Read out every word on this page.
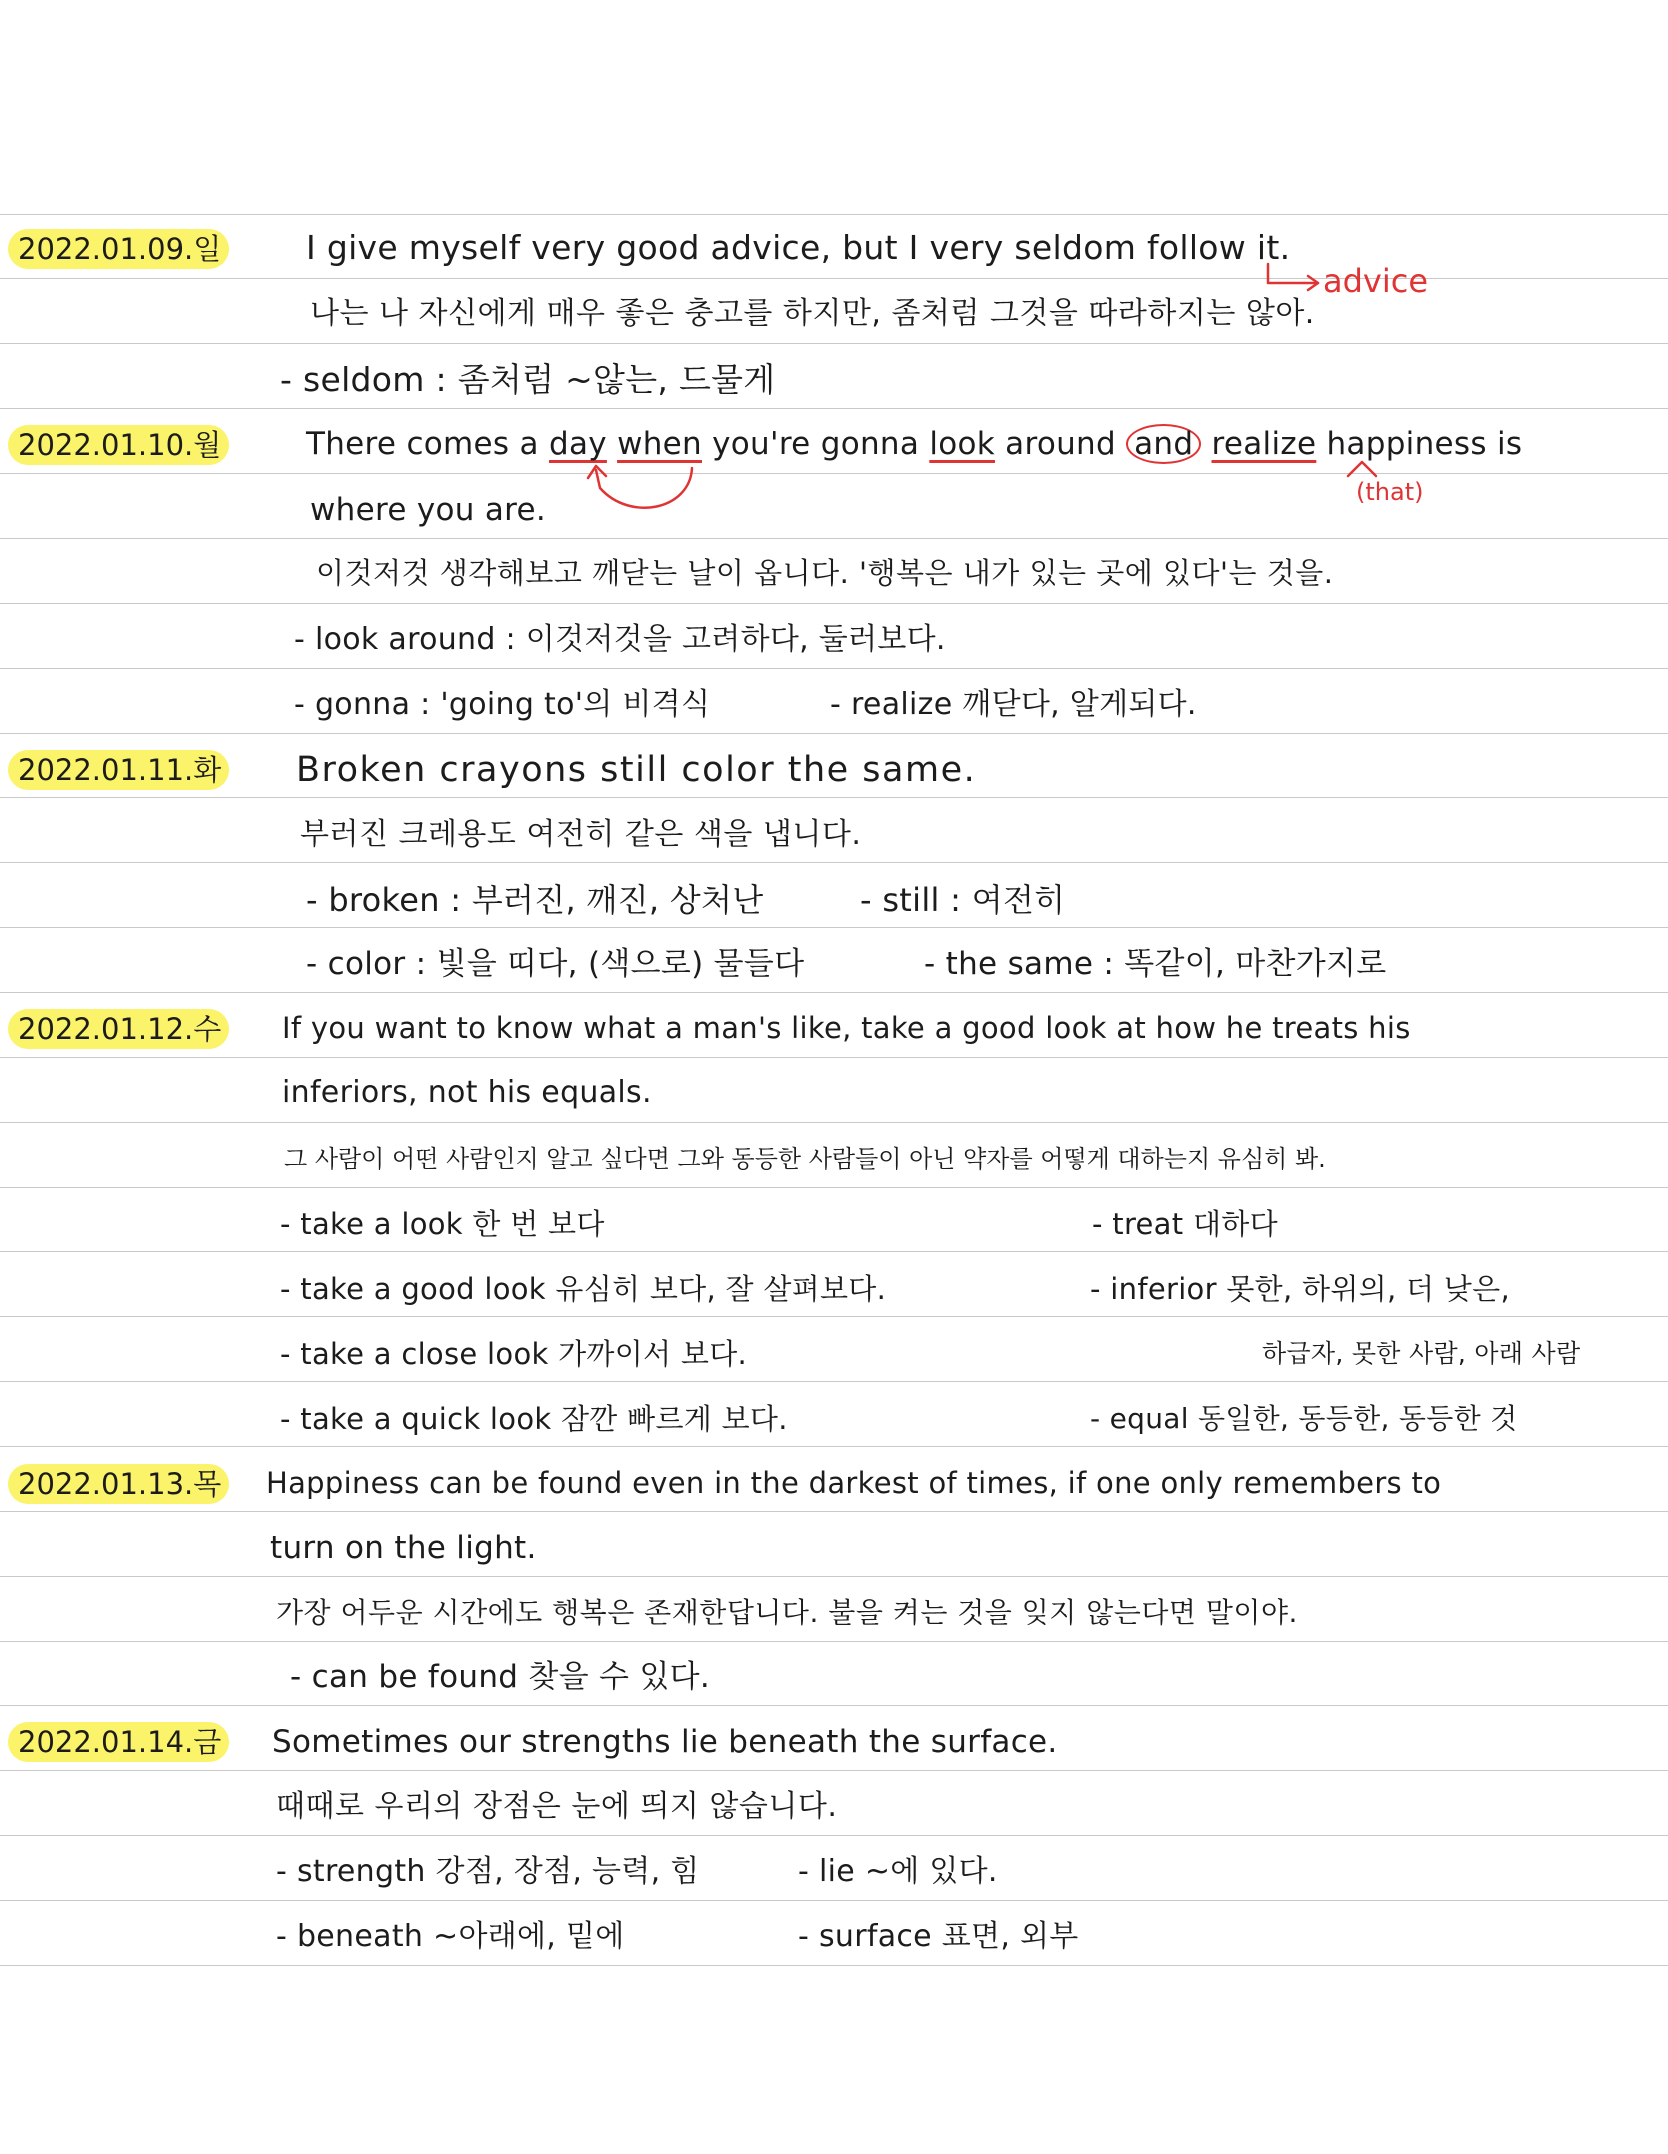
2022.01.09.일	I give myself very good advice, but I very seldom follow it.
advice
나는 나 자신에게 매우 좋은 충고를 하지만, 좀처럼 그것을 따라하지는 않아.
- seldom : 좀처럼 ~않는, 드물게
2022.01.10.월	There comes a day when you're gonna look around and realize happiness is
(that)
where you are.
이것저것 생각해보고 깨닫는 날이 옵니다. '행복은 내가 있는 곳에 있다'는 것을.
- look around : 이것저것을 고려하다, 둘러보다.
- gonna : 'going to'의 비격식	- realize 깨닫다, 알게되다.
2022.01.11.화 Broken crayons still color the same.
부러진 크레용도 여전히 같은 색을 냅니다.
- broken : 부러진, 깨진, 상처난	- still : 여전히
- color : 빛을 띠다, (색으로) 물들다	- the same : 똑같이, 마찬가지로
2022.01.12.수 If you want to know what a man's like, take a good look at how he treats his
inferiors, not his equals.
그 사람이 어떤 사람인지 알고 싶다면 그와 동등한 사람들이 아닌 약자를 어떻게 대하는지 유심히 봐.
- take a look 한 번 보다	- treat 대하다
- take a good look 유심히 보다, 잘 살펴보다.	- inferior 못한, 하위의, 더 낮은,
- take a close look 가까이서 보다.	하급자, 못한 사람, 아래 사람
- take a quick look 잠깐 빠르게 보다.	- equal 동일한, 동등한, 동등한 것
2022.01.13.목 Happiness can be found even in the darkest of times, if one only remembers to
turn on the light.
가장 어두운 시간에도 행복은 존재한답니다. 불을 켜는 것을 잊지 않는다면 말이야.
- can be found 찾을 수 있다.
2022.01.14.금 Sometimes our strengths lie beneath the surface.
때때로 우리의 장점은 눈에 띄지 않습니다.
- strength 강점, 장점, 능력, 힘	- lie ~에 있다.
- beneath ~아래에, 밑에	- surface 표면, 외부
